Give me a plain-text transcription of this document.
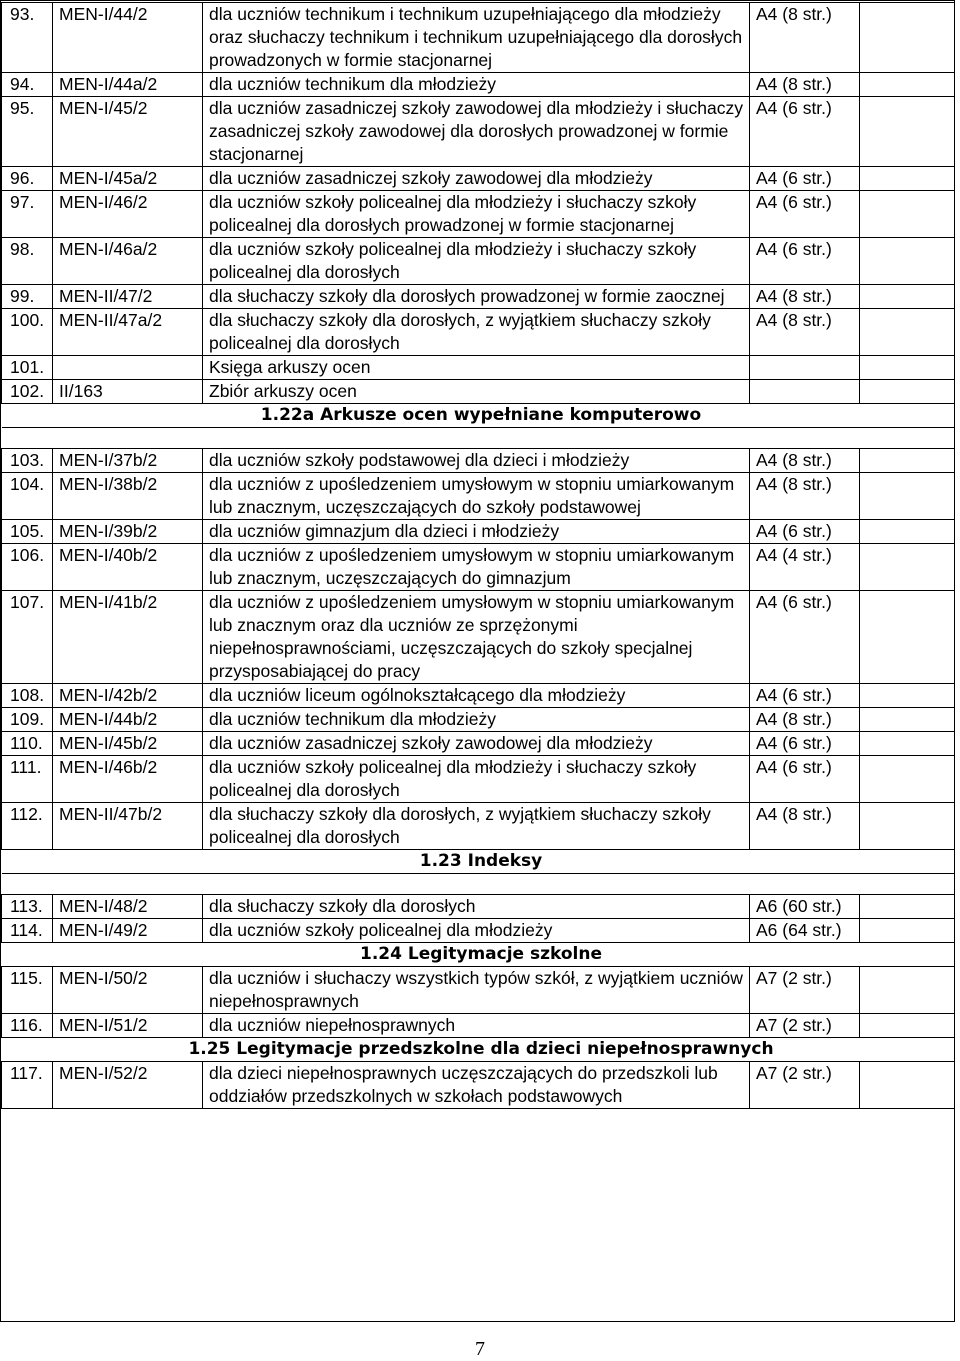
93.	MEN-I/44/2	dla uczniów technikum i technikum uzupełniającego dla młodzieży oraz słuchaczy technikum i technikum uzupełniającego dla dorosłych prowadzonych w formie stacjonarnej	A4 (8 str.)	
94.	MEN-I/44a/2	dla uczniów technikum dla młodzieży	A4 (8 str.)	
95.	MEN-I/45/2	dla uczniów zasadniczej szkoły zawodowej dla młodzieży i słuchaczy zasadniczej szkoły zawodowej dla dorosłych prowadzonej w formie stacjonarnej	A4 (6 str.)	
96.	MEN-I/45a/2	dla uczniów zasadniczej szkoły zawodowej dla młodzieży	A4 (6 str.)	
97.	MEN-I/46/2	dla uczniów szkoły policealnej dla młodzieży i słuchaczy szkoły policealnej dla dorosłych prowadzonej w formie stacjonarnej	A4 (6 str.)	
98.	MEN-I/46a/2	dla uczniów szkoły policealnej dla młodzieży i słuchaczy szkoły policealnej dla dorosłych	A4 (6 str.)	
99.	MEN-II/47/2	dla słuchaczy szkoły dla dorosłych prowadzonej w formie zaocznej	A4 (8 str.)	
100.	MEN-II/47a/2	dla słuchaczy szkoły dla dorosłych, z wyjątkiem słuchaczy szkoły policealnej dla dorosłych	A4 (8 str.)	
101.		Księga arkuszy ocen		
102.	II/163	Zbiór arkuszy ocen		
1.22a Arkusze ocen wypełniane komputerowo				

103.	MEN-I/37b/2	dla uczniów szkoły podstawowej dla dzieci i młodzieży	A4 (8 str.)	
104.	MEN-I/38b/2	dla uczniów z upośledzeniem umysłowym w stopniu umiarkowanym lub znacznym, uczęszczających do szkoły podstawowej	A4 (8 str.)	
105.	MEN-I/39b/2	dla uczniów gimnazjum dla dzieci i młodzieży	A4 (6 str.)	
106.	MEN-I/40b/2	dla uczniów z upośledzeniem umysłowym w stopniu umiarkowanym lub znacznym, uczęszczających do gimnazjum	A4 (4 str.)	
107.	MEN-I/41b/2	dla uczniów z upośledzeniem umysłowym w stopniu umiarkowanym lub znacznym oraz dla uczniów ze sprzężonymi niepełnosprawnościami, uczęszczających do szkoły specjalnej przysposabiającej do pracy	A4 (6 str.)	
108.	MEN-I/42b/2	dla uczniów liceum ogólnokształcącego dla młodzieży	A4 (6 str.)	
109.	MEN-I/44b/2	dla uczniów technikum dla młodzieży	A4 (8 str.)	
110.	MEN-I/45b/2	dla uczniów zasadniczej szkoły zawodowej dla młodzieży	A4 (6 str.)	
111.	MEN-I/46b/2	dla uczniów szkoły policealnej dla młodzieży i słuchaczy szkoły policealnej dla dorosłych	A4 (6 str.)	
112.	MEN-II/47b/2	dla słuchaczy szkoły dla dorosłych, z wyjątkiem słuchaczy szkoły policealnej dla dorosłych	A4 (8 str.)	
1.23 Indeksy				

113.	MEN-I/48/2	dla słuchaczy szkoły dla dorosłych	A6 (60 str.)	
114.	MEN-I/49/2	dla uczniów szkoły policealnej dla młodzieży	A6 (64 str.)	
1.24 Legitymacje szkolne				
115.	MEN-I/50/2	dla uczniów i słuchaczy wszystkich typów szkół, z wyjątkiem uczniów niepełnosprawnych	A7 (2 str.)	
116.	MEN-I/51/2	dla uczniów niepełnosprawnych	A7 (2 str.)	
1.25 Legitymacje przedszkolne dla dzieci niepełnosprawnych				
117.	MEN-I/52/2	dla dzieci niepełnosprawnych uczęszczających do przedszkoli lub oddziałów przedszkolnych w szkołach podstawowych	A7 (2 str.)	
7
